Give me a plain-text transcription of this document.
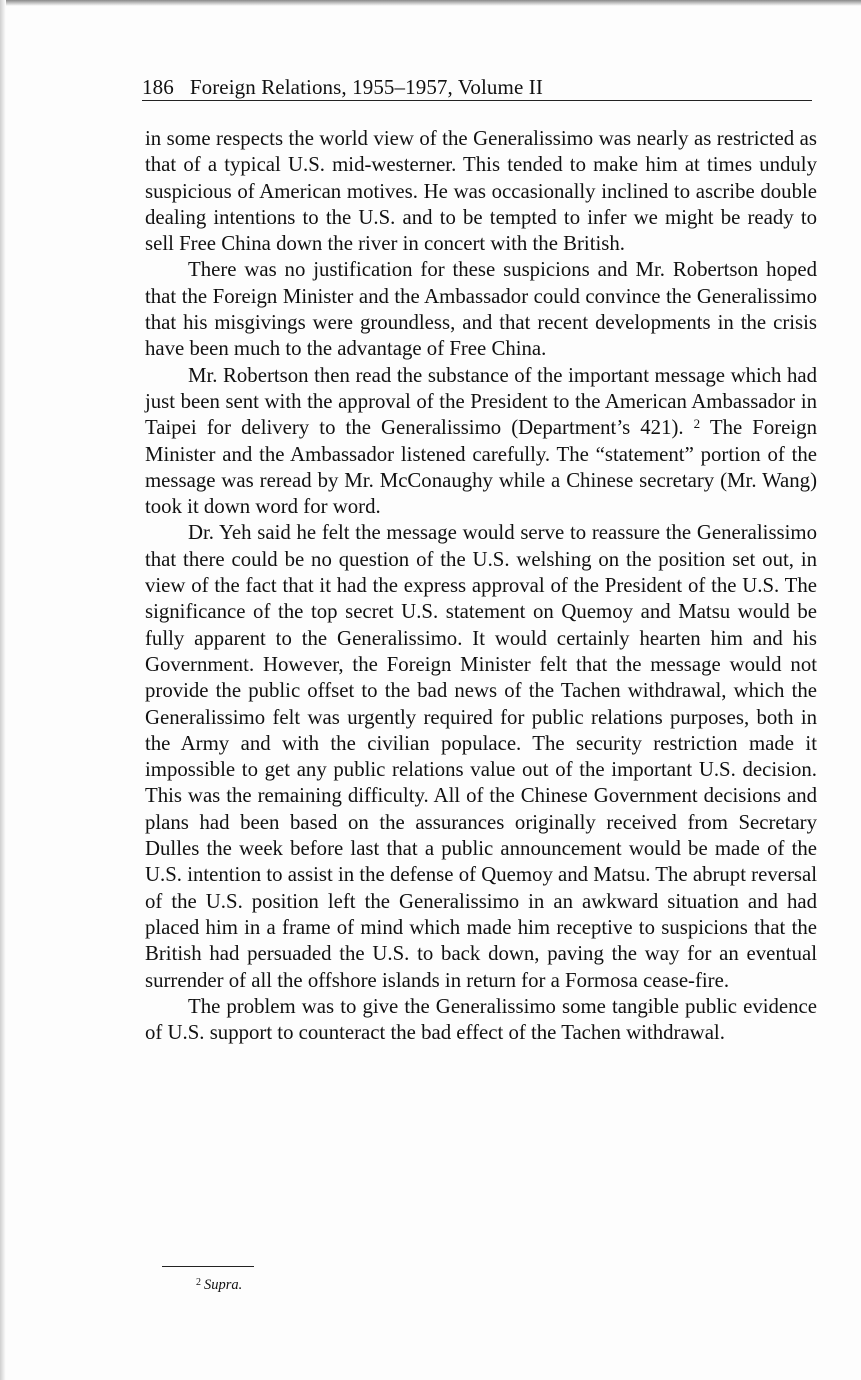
186 Foreign Relations, 1955–1957, Volume II

in some respects the world view of the Generalissimo was nearly as restricted as that of a typical U.S. mid-westerner. This tended to make him at times unduly suspicious of American motives. He was occasionally inclined to ascribe double dealing intentions to the U.S. and to be tempted to infer we might be ready to sell Free China down the river in concert with the British.

There was no justification for these suspicions and Mr. Robertson hoped that the Foreign Minister and the Ambassador could convince the Generalissimo that his misgivings were groundless, and that recent developments in the crisis have been much to the advantage of Free China.

Mr. Robertson then read the substance of the important message which had just been sent with the approval of the President to the American Ambassador in Taipei for delivery to the Generalissimo (Department’s 421). $^2$ The Foreign Minister and the Ambassador listened carefully. The “statement” portion of the message was reread by Mr. McConaughy while a Chinese secretary (Mr. Wang) took it down word for word.

Dr. Yeh said he felt the message would serve to reassure the Generalissimo that there could be no question of the U.S. welshing on the position set out, in view of the fact that it had the express approval of the President of the U.S. The significance of the top secret U.S. statement on Quemoy and Matsu would be fully apparent to the Generalissimo. It would certainly hearten him and his Government. However, the Foreign Minister felt that the message would not provide the public offset to the bad news of the Tachen withdrawal, which the Generalissimo felt was urgently required for public relations purposes, both in the Army and with the civilian populace. The security restriction made it impossible to get any public relations value out of the important U.S. decision. This was the remaining difficulty. All of the Chinese Government decisions and plans had been based on the assurances originally received from Secretary Dulles the week before last that a public announcement would be made of the U.S. intention to assist in the defense of Quemoy and Matsu. The abrupt reversal of the U.S. position left the Generalissimo in an awkward situation and had placed him in a frame of mind which made him receptive to suspicions that the British had persuaded the U.S. to back down, paving the way for an eventual surrender of all the offshore islands in return for a Formosa cease-fire.

The problem was to give the Generalissimo some tangible public evidence of U.S. support to counteract the bad effect of the Tachen withdrawal.

$^2$ Supra.
